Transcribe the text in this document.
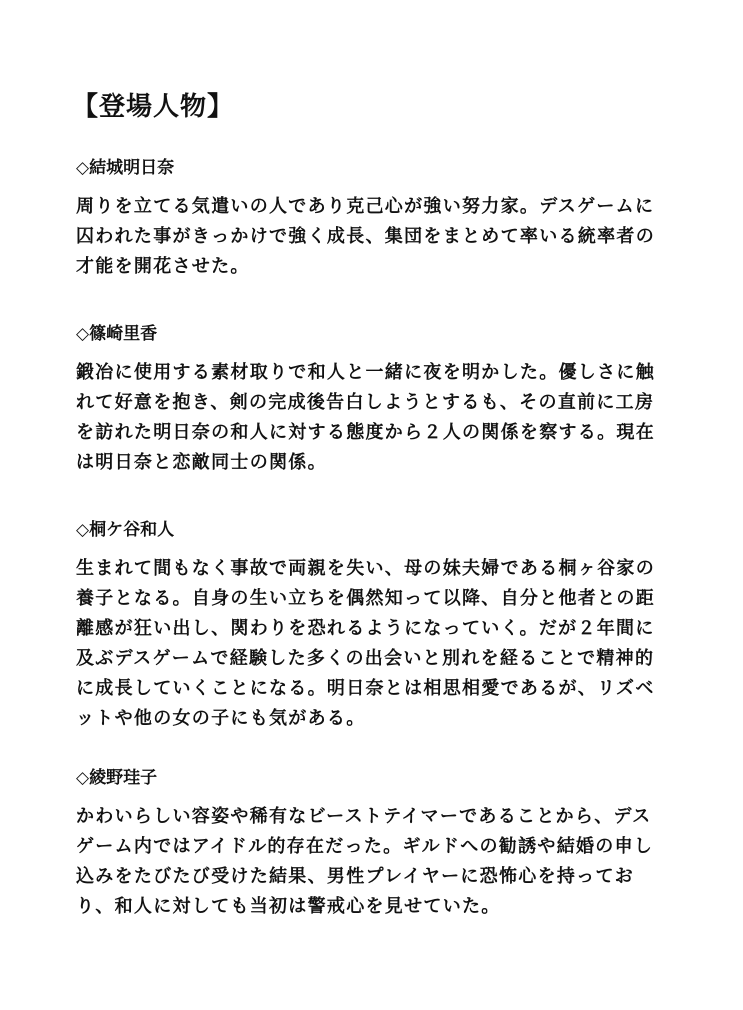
【登場人物】

◇結城明日奈

周りを立てる気遣いの人であり克己心が強い努力家。デスゲームに囚われた事がきっかけで強く成長、集団をまとめて率いる統率者の才能を開花させた。

◇篠崎里香

鍛冶に使用する素材取りで和人と一緒に夜を明かした。優しさに触れて好意を抱き、剣の完成後告白しようとするも、その直前に工房を訪れた明日奈の和人に対する態度から２人の関係を察する。現在は明日奈と恋敵同士の関係。

◇桐ケ谷和人

生まれて間もなく事故で両親を失い、母の妹夫婦である桐ヶ谷家の養子となる。自身の生い立ちを偶然知って以降、自分と他者との距離感が狂い出し、関わりを恐れるようになっていく。だが２年間に及ぶデスゲームで経験した多くの出会いと別れを経ることで精神的に成長していくことになる。明日奈とは相思相愛であるが、リズベットや他の女の子にも気がある。

◇綾野珪子

かわいらしい容姿や稀有なビーストテイマーであることから、デスゲーム内ではアイドル的存在だった。ギルドへの勧誘や結婚の申し込みをたびたび受けた結果、男性プレイヤーに恐怖心を持っており、和人に対しても当初は警戒心を見せていた。
